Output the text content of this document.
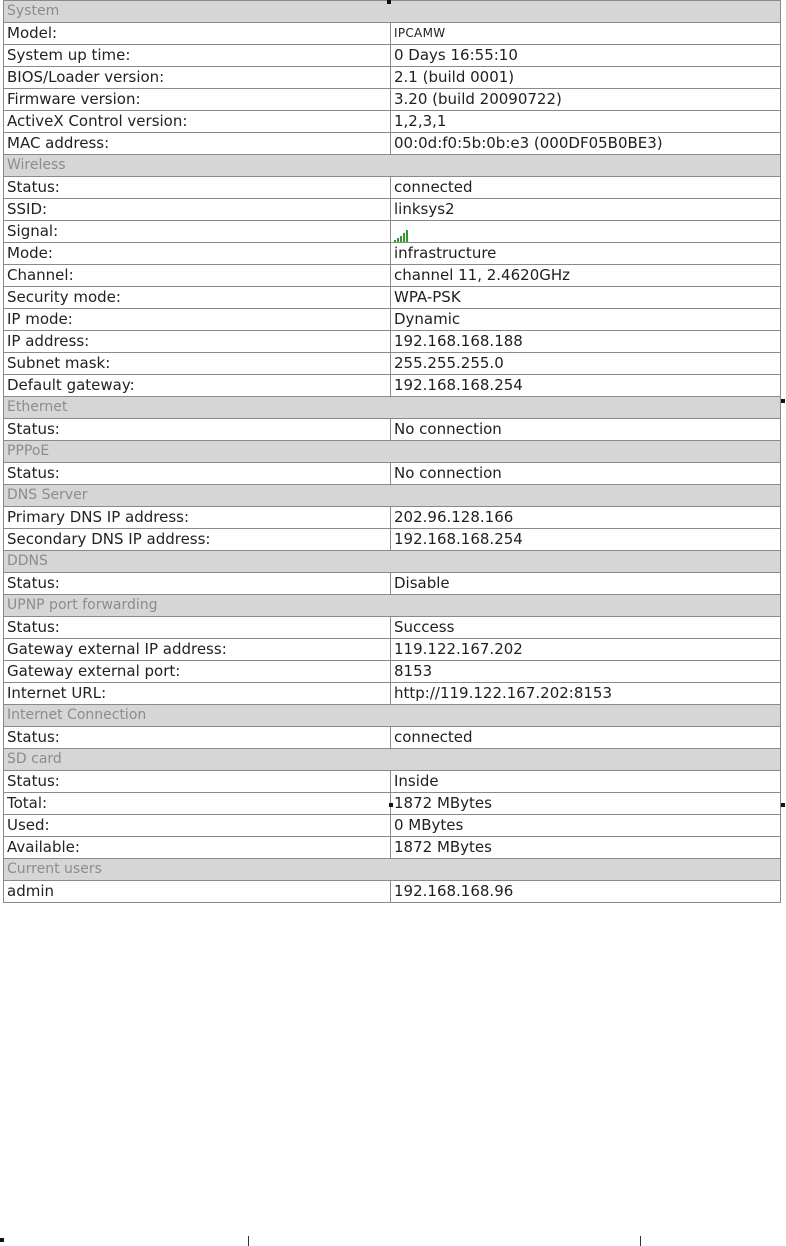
System	
Model:	IPCAMW
System up time:	0 Days 16:55:10
BIOS/Loader version:	2.1 (build 0001)
Firmware version:	3.20 (build 20090722)
ActiveX Control version:	1,2,3,1
MAC address:	00:0d:f0:5b:0b:e3 (000DF05B0BE3)
Wireless	
Status:	connected
SSID:	linksys2
Signal:	
Mode:	infrastructure
Channel:	channel 11, 2.4620GHz
Security mode:	WPA-PSK
IP mode:	Dynamic
IP address:	192.168.168.188
Subnet mask:	255.255.255.0
Default gateway:	192.168.168.254
Ethernet	
Status:	No connection
PPPoE	
Status:	No connection
DNS Server	
Primary DNS IP address:	202.96.128.166
Secondary DNS IP address:	192.168.168.254
DDNS	
Status:	Disable
UPNP port forwarding	
Status:	Success
Gateway external IP address:	119.122.167.202
Gateway external port:	8153
Internet URL:	http://119.122.167.202:8153
Internet Connection	
Status:	connected
SD card	
Status:	Inside
Total:	1872 MBytes
Used:	0 MBytes
Available:	1872 MBytes
Current users	
admin	192.168.168.96
